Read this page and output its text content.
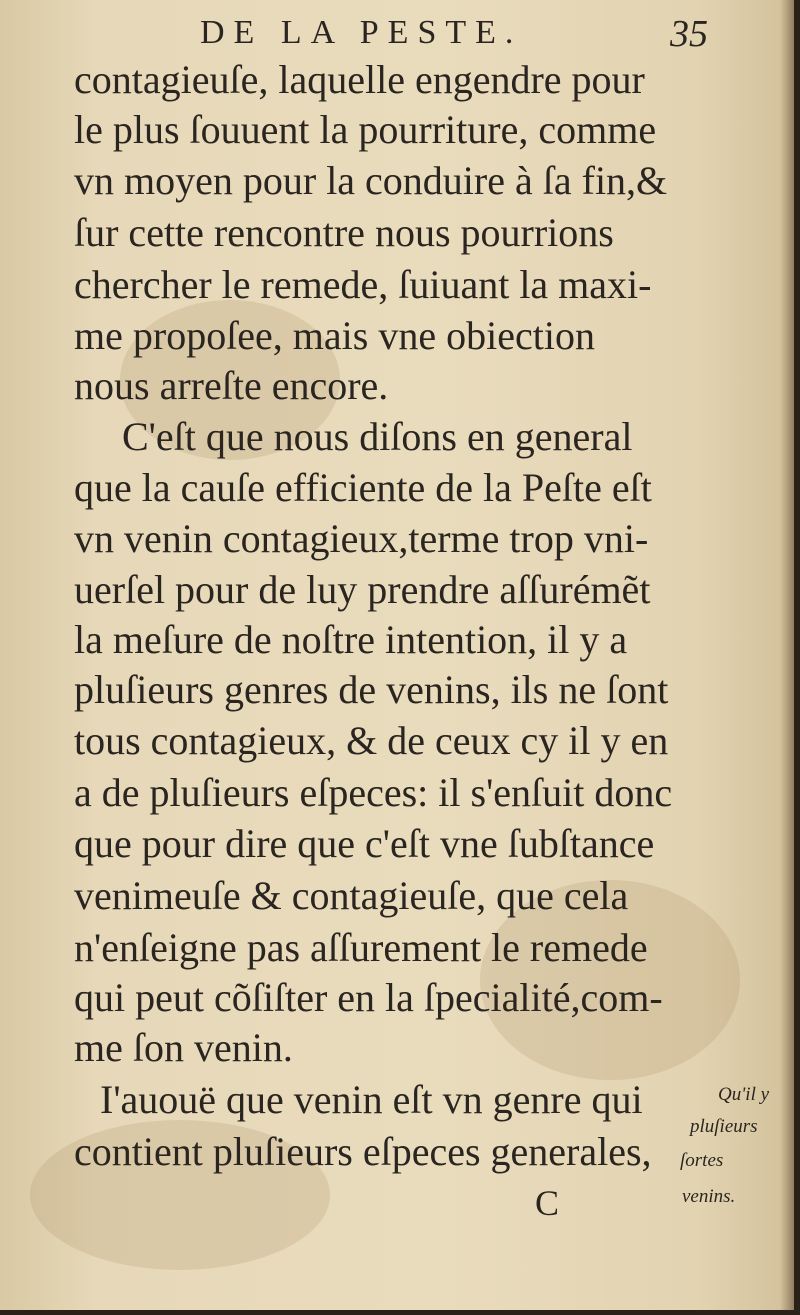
DE LA PESTE.	35
contagieuſe, laquelle engendre pour
le plus ſouuent la pourriture, comme
vn moyen pour la conduire à ſa fin,&
ſur cette rencontre nous pourrions
chercher le remede, ſuiuant la maxi-
me propoſee, mais vne obiection
nous arreſte encore.
C'eſt que nous diſons en general
que la cauſe efficiente de la Peſte eſt
vn venin contagieux,terme trop vni-
uerſel pour de luy prendre aſſurémẽt
la meſure de noſtre intention, il y a
pluſieurs genres de venins, ils ne ſont
tous contagieux, & de ceux cy il y en
a de pluſieurs eſpeces: il s'enſuit donc
que pour dire que c'eſt vne ſubſtance
venimeuſe & contagieuſe, que cela
n'enſeigne pas aſſurement le remede
qui peut cõſiſter en la ſpecialité,com-
me ſon venin.
I'auouë que venin eſt vn genre qui
contient pluſieurs eſpeces generales,
Qu'il y
pluſieurs
ſortes
venins.
C
